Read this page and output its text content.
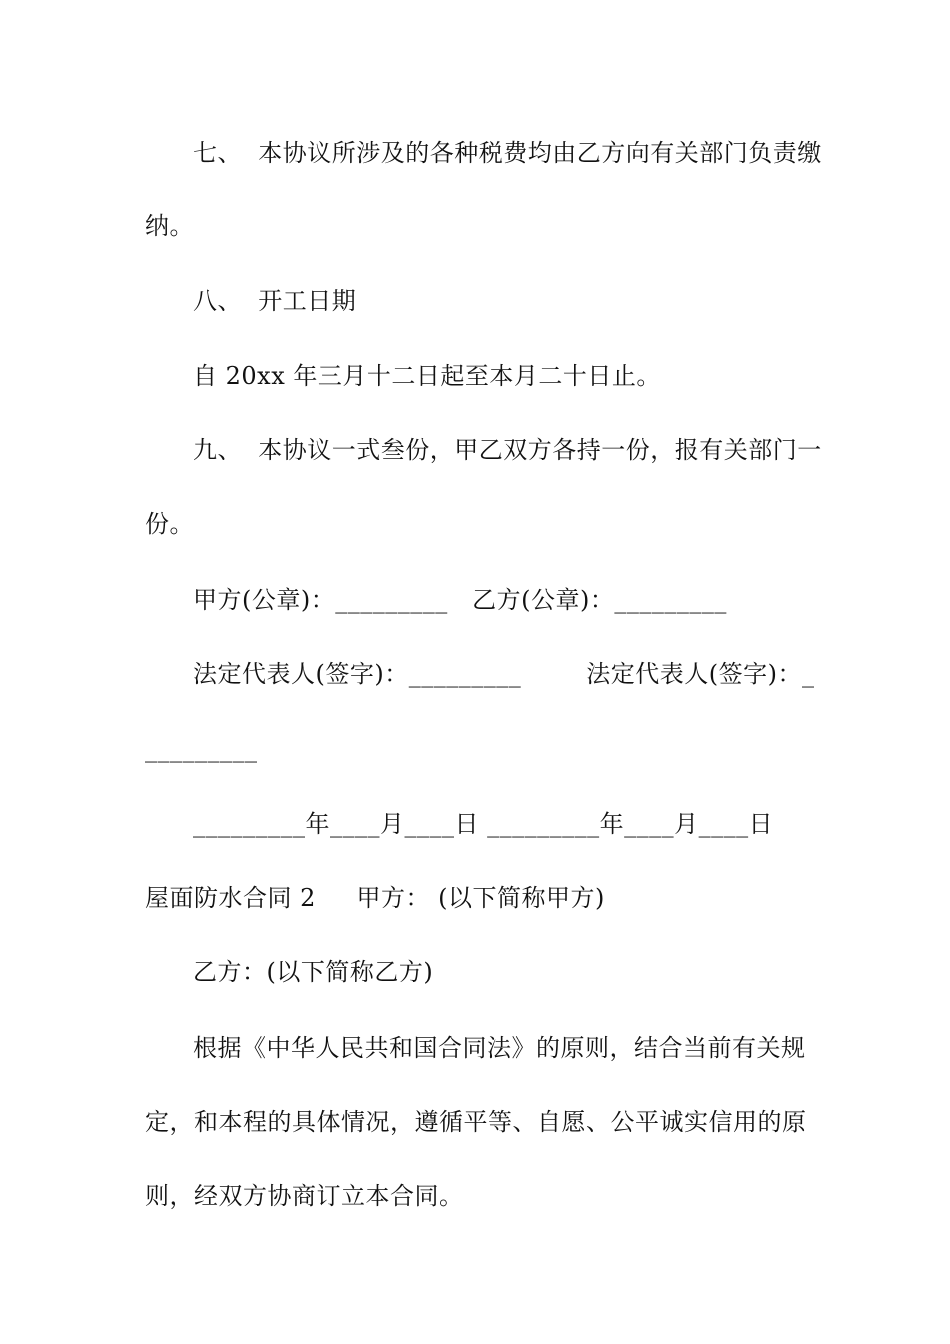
七、  本协议所涉及的各种税费均由乙方向有关部门负责缴
纳。
八、  开工日期
自 20xx 年三月十二日起至本月二十日止。
九、  本协议一式叁份，甲乙双方各持一份，报有关部门一
份。
甲方(公章)：_________   乙方(公章)：_________
法定代表人(签字)：_________        法定代表人(签字)：_
_________
_________年____月____日 _________年____月____日
屋面防水合同 2     甲方： (以下简称甲方)
乙方：(以下简称乙方)
根据《中华人民共和国合同法》的原则，结合当前有关规
定，和本程的具体情况，遵循平等、自愿、公平诚实信用的原
则，经双方协商订立本合同。
